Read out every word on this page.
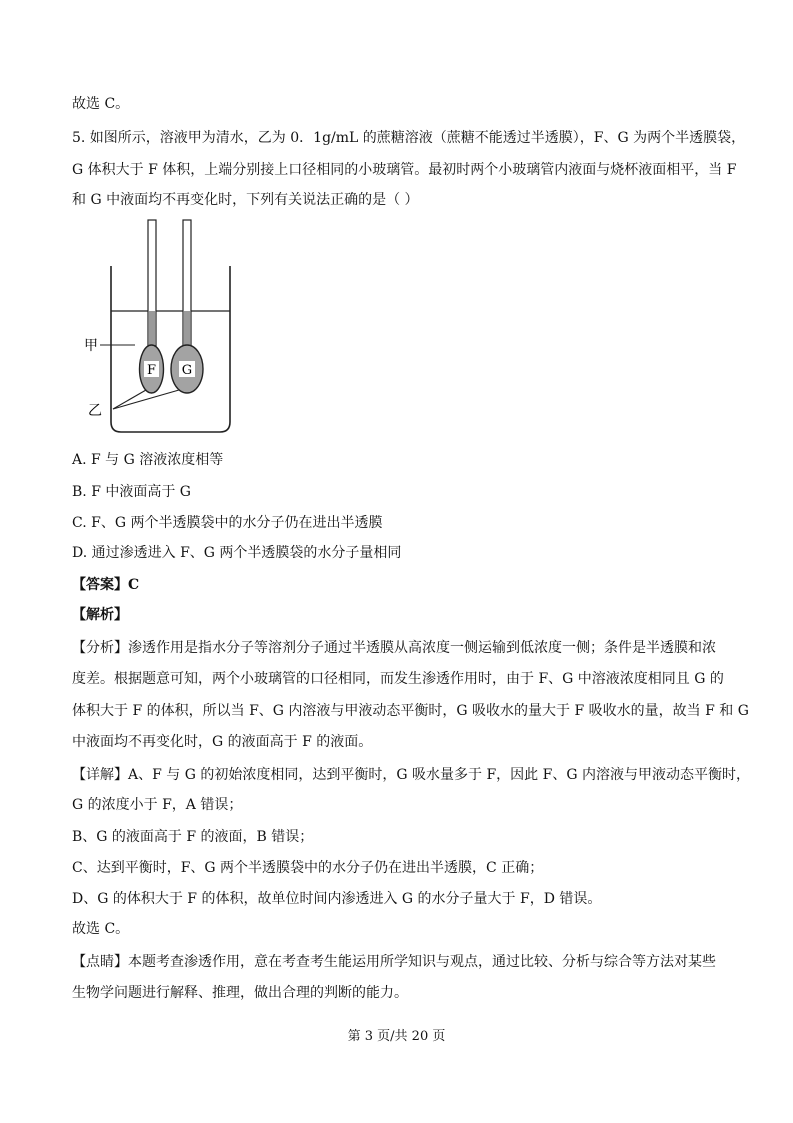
故选 C。
5. 如图所示，溶液甲为清水，乙为 0．1g/mL 的蔗糖溶液（蔗糖不能透过半透膜），F、G 为两个半透膜袋，
G 体积大于 F 体积，上端分别接上口径相同的小玻璃管。最初时两个小玻璃管内液面与烧杯液面相平，当 F
和 G 中液面均不再变化时，下列有关说法正确的是（ ）
F G
甲
乙
A. F 与 G 溶液浓度相等
B. F 中液面高于 G
C. F、G 两个半透膜袋中的水分子仍在进出半透膜
D. 通过渗透进入 F、G 两个半透膜袋的水分子量相同
【答案】C
【解析】
【分析】渗透作用是指水分子等溶剂分子通过半透膜从高浓度一侧运输到低浓度一侧；条件是半透膜和浓
度差。根据题意可知，两个小玻璃管的口径相同，而发生渗透作用时，由于 F、G 中溶液浓度相同且 G 的
体积大于 F 的体积，所以当 F、G 内溶液与甲液动态平衡时，G 吸收水的量大于 F 吸收水的量，故当 F 和 G
中液面均不再变化时，G 的液面高于 F 的液面。
【详解】A、F 与 G 的初始浓度相同，达到平衡时，G 吸水量多于 F，因此 F、G 内溶液与甲液动态平衡时，
G 的浓度小于 F，A 错误；
B、G 的液面高于 F 的液面，B 错误；
C、达到平衡时，F、G 两个半透膜袋中的水分子仍在进出半透膜，C 正确；
D、G 的体积大于 F 的体积，故单位时间内渗透进入 G 的水分子量大于 F，D 错误。
故选 C。
【点睛】本题考查渗透作用，意在考查考生能运用所学知识与观点，通过比较、分析与综合等方法对某些
生物学问题进行解释、推理，做出合理的判断的能力。
第 3 页/共 20 页
